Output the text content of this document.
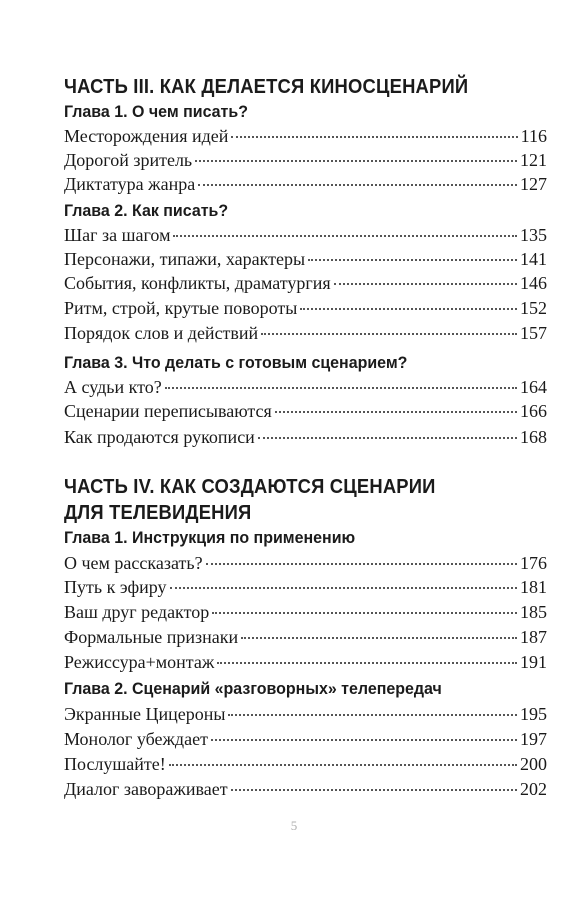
ЧАСТЬ III. КАК ДЕЛАЕТСЯ КИНОСЦЕНАРИЙ
Глава 1. О чем писать?
Месторождения идей	116
Дорогой зритель	121
Диктатура жанра	127
Глава 2. Как писать?
Шаг за шагом	135
Персонажи, типажи, характеры	141
События, конфликты, драматургия	146
Ритм, строй, крутые повороты	152
Порядок слов и действий	157
Глава 3. Что делать с готовым сценарием?
А судьи кто?	164
Сценарии переписываются	166
Как продаются рукописи	168
ЧАСТЬ IV. КАК СОЗДАЮТСЯ СЦЕНАРИИ
ДЛЯ ТЕЛЕВИДЕНИЯ
Глава 1. Инструкция по применению
О чем рассказать?	176
Путь к эфиру	181
Ваш друг редактор	185
Формальные признаки	187
Режиссура+монтаж	191
Глава 2. Сценарий «разговорных» телепередач
Экранные Цицероны	195
Монолог убеждает	197
Послушайте!	200
Диалог завораживает	202
5
